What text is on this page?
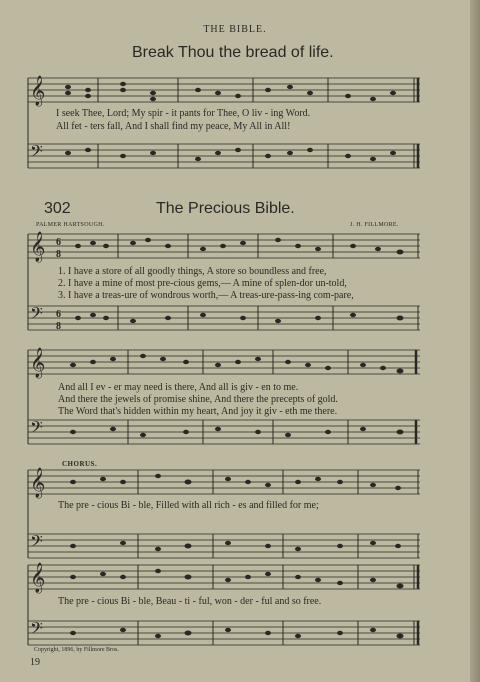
THE BIBLE.
Break Thou the bread of life.
𝄞
𝄢
I seek Thee, Lord; My spir - it pants for Thee, O liv - ing Word.
All fet - ters fall, And I shall find my peace, My All in All!
302	The Precious Bible.
PALMER HARTSOUGH.	J. H. FILLMORE.
𝄞
𝄢
6
8
6
8
1. I have a store of all goodly things, A store so boundless and free,
2. I have a mine of most pre-cious gems,— A mine of splen-dor un-told,
3. I have a treas-ure of wondrous worth,— A treas-ure-pass-ing com-pare,
𝄞
𝄢
And all I ev - er may need is there, And all is giv - en to me.
And there the jewels of promise shine, And there the precepts of gold.
The Word that's hidden within my heart, And joy it giv - eth me there.
CHORUS.
𝄞
𝄢
The pre - cious Bi - ble, Filled with all rich - es and filled for me;
𝄞
𝄢
The pre - cious Bi - ble, Beau - ti - ful, won - der - ful and so free.
Copyright, 1896, by Fillmore Bros.
19
